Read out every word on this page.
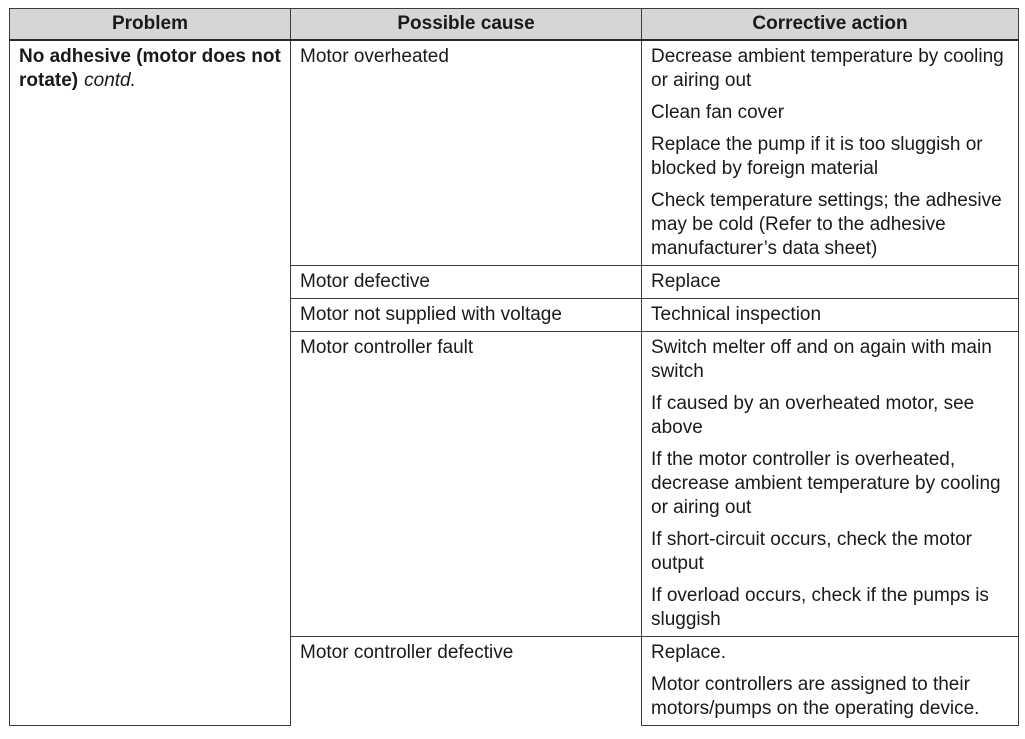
Problem	Possible cause	Corrective action

No adhesive (motor does not rotate) contd.	Motor overheated	Decrease ambient temperature by cooling or airing out

		Clean fan cover

		Replace the pump if it is too sluggish or blocked by foreign material

		Check temperature settings; the adhesive may be cold (Refer to the adhesive manufacturer’s data sheet)

	Motor defective	Replace

	Motor not supplied with voltage	Technical inspection

	Motor controller fault	Switch melter off and on again with main switch

		If caused by an overheated motor, see above

		If the motor controller is overheated, decrease ambient temperature by cooling or airing out

		If short-circuit occurs, check the motor output

		If overload occurs, check if the pumps is sluggish

	Motor controller defective	Replace.

		Motor controllers are assigned to their motors/pumps on the operating device.
